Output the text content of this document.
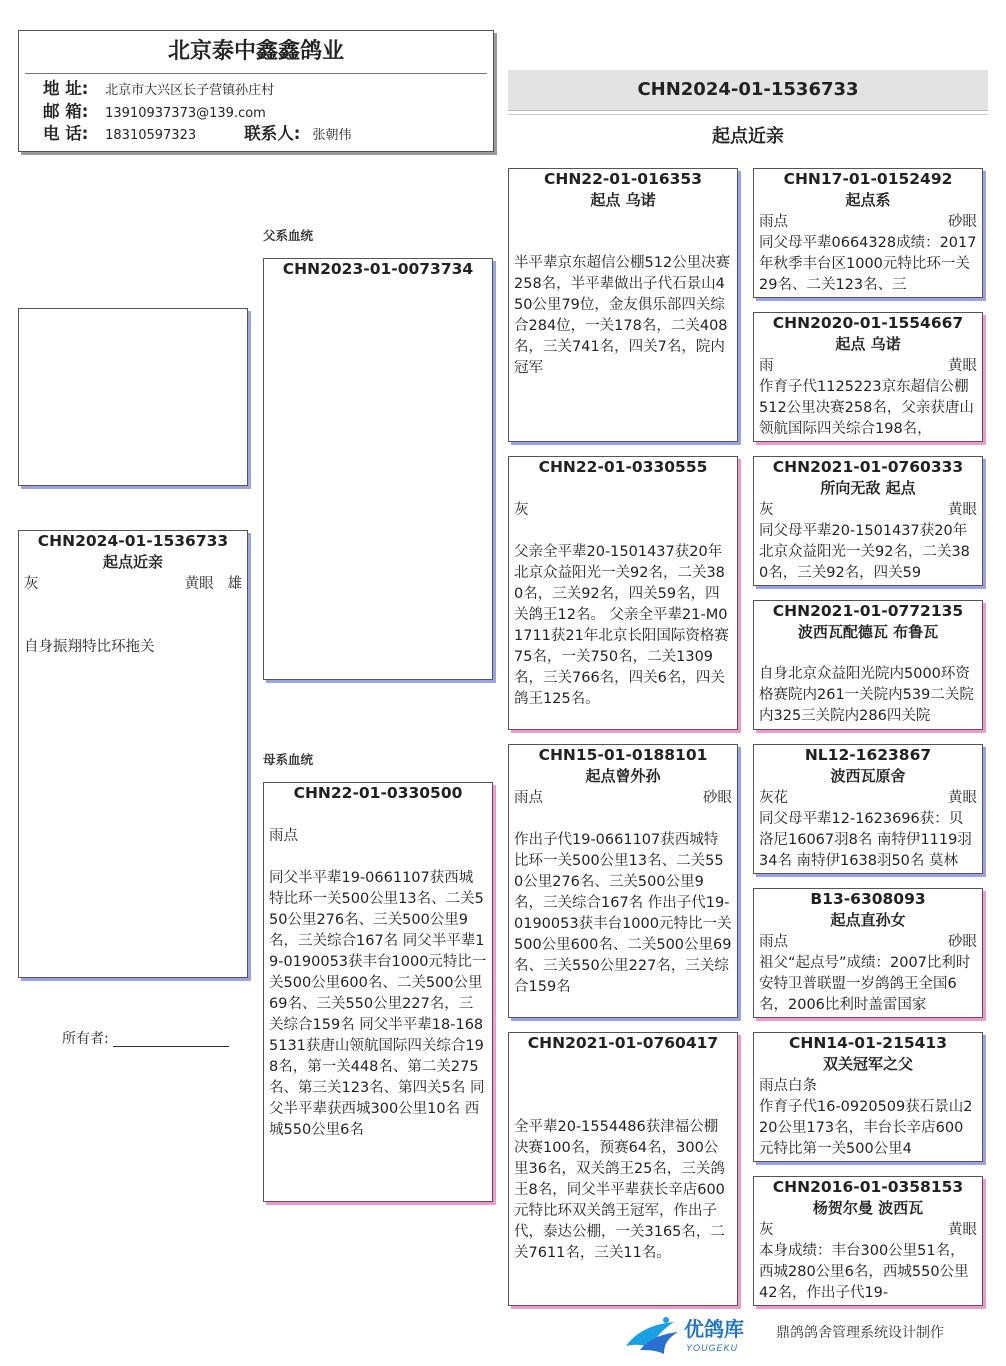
北京泰中鑫鑫鸽业
地 址: 北京市大兴区长子营镇孙庄村
邮 箱: 13910937373@139.com
电 话: 18310597323	联系人: 张朝伟
CHN2024-01-1536733
起点近亲
CHN2024-01-1536733
起点近亲
灰	黄眼 雄
自身振翔特比环拖关
所有者:
父系血统
母系血统
CHN2023-01-0073734
CHN22-01-0330500
雨点
同父半平辈19-0661107获西城特比环一关500公里13名、二关550公里276名、三关500公里9名，三关综合167名 同父半平辈19-0190053获丰台1000元特比一关500公里600名、二关500公里69名、三关550公里227名，三关综合159名 同父半平辈18-1685131获唐山领航国际四关综合198名，第一关448名、第二关275名、第三关123名、第四关5名 同父半平辈获西城300公里10名 西城550公里6名
CHN22-01-016353
起点 乌诺
半平辈京东超信公棚512公里决赛258名，半平辈做出子代石景山450公里79位，金友俱乐部四关综合284位，一关178名，二关408名，三关741名，四关7名，院内冠军
CHN22-01-0330555
灰
父亲全平辈20-1501437获20年北京众益阳光一关92名，二关380名，三关92名，四关59名，四关鸽王12名。 父亲全平辈21-M01711获21年北京长阳国际资格赛75名，一关750名，二关1309名，三关766名，四关6名，四关鸽王125名。
CHN15-01-0188101
起点曾外孙
雨点	砂眼
作出子代19-0661107获西城特比环一关500公里13名、二关550公里276名、三关500公里9名，三关综合167名 作出子代19-0190053获丰台1000元特比一关500公里600名、二关500公里69名、三关550公里227名，三关综合159名
CHN2021-01-0760417
全平辈20-1554486获津福公棚决赛100名，预赛64名，300公里36名，双关鸽王25名，三关鸽王8名，同父半平辈获长辛店600元特比环双关鸽王冠军，作出子代，泰达公棚，一关3165名，二关7611名，三关11名。
CHN17-01-0152492
起点系
雨点	砂眼
同父母平辈0664328成绩：2017年秋季丰台区1000元特比环一关29名、二关123名、三
CHN2020-01-1554667
起点 乌诺
雨	黄眼
作育子代1125223京东超信公棚512公里决赛258名，父亲获唐山领航国际四关综合198名，
CHN2021-01-0760333
所向无敌 起点
灰	黄眼
同父母平辈20-1501437获20年北京众益阳光一关92名，二关380名，三关92名，四关59
CHN2021-01-0772135
波西瓦配德瓦 布鲁瓦
自身北京众益阳光院内5000环资格赛院内261一关院内539二关院内325三关院内286四关院
NL12-1623867
波西瓦原舍
灰花	黄眼
同父母平辈12-1623696获：贝洛尼16067羽8名 南特伊1119羽34名 南特伊1638羽50名 莫林
B13-6308093
起点直孙女
雨点	砂眼
祖父“起点号”成绩：2007比利时安特卫普联盟一岁鸽鸽王全国6名，2006比利时盖雷国家
CHN14-01-215413
双关冠军之父
雨点白条
作育子代16-0920509获石景山220公里173名，丰台长辛店600元特比第一关500公里4
CHN2016-01-0358153
杨贺尔曼 波西瓦
灰	黄眼
本身成绩：丰台300公里51名，西城280公里6名，西城550公里42名，作出子代19-
优鸽库
YOUGEKU
鼎鸽鸽舍管理系统设计制作
